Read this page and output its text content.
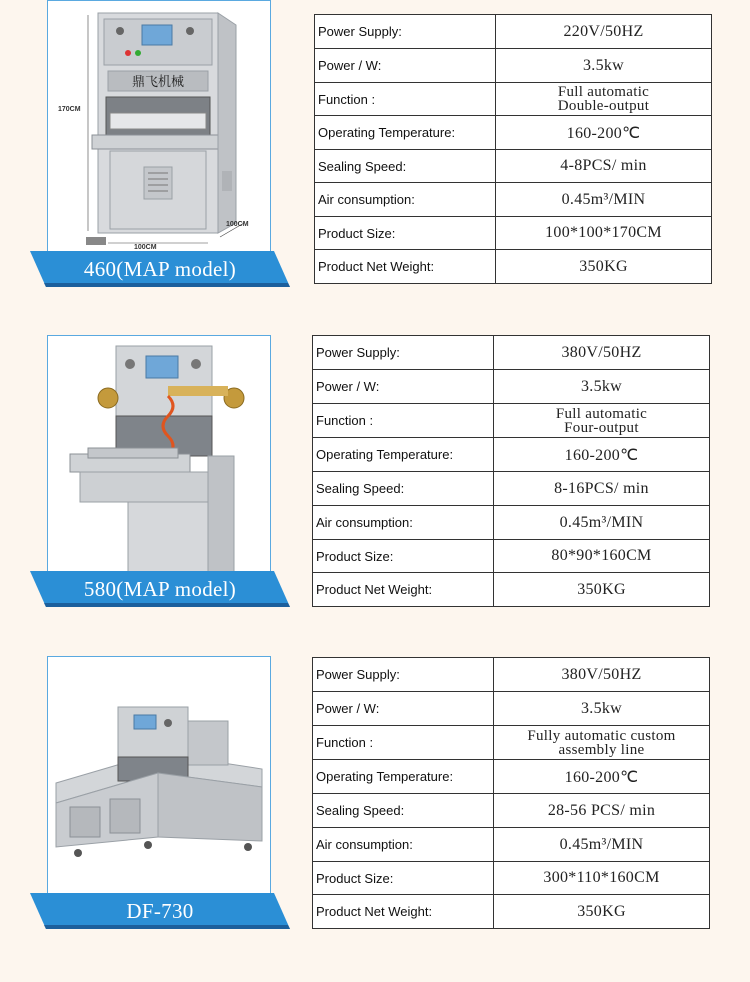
鼎飞机械
170CM
100CM
100CM
460(MAP model)
Power Supply:	220V/50HZ
Power / W:	3.5kw
Function :	Full automatic
Double-output

Operating Temperature:	160-200℃
Sealing Speed:	4-8PCS/ min
Air consumption:	0.45m³/MIN
Product Size:	100*100*170CM
Product Net Weight:	350KG
580(MAP model)
Power Supply:	380V/50HZ
Power / W:	3.5kw
Function :	Full automatic
Four-output

Operating Temperature:	160-200℃
Sealing Speed:	8-16PCS/ min
Air consumption:	0.45m³/MIN
Product Size:	80*90*160CM
Product Net Weight:	350KG
DF-730
Power Supply:	380V/50HZ
Power / W:	3.5kw
Function :	Fully automatic custom
assembly line

Operating Temperature:	160-200℃
Sealing Speed:	28-56 PCS/ min
Air consumption:	0.45m³/MIN
Product Size:	300*110*160CM
Product Net Weight:	350KG
